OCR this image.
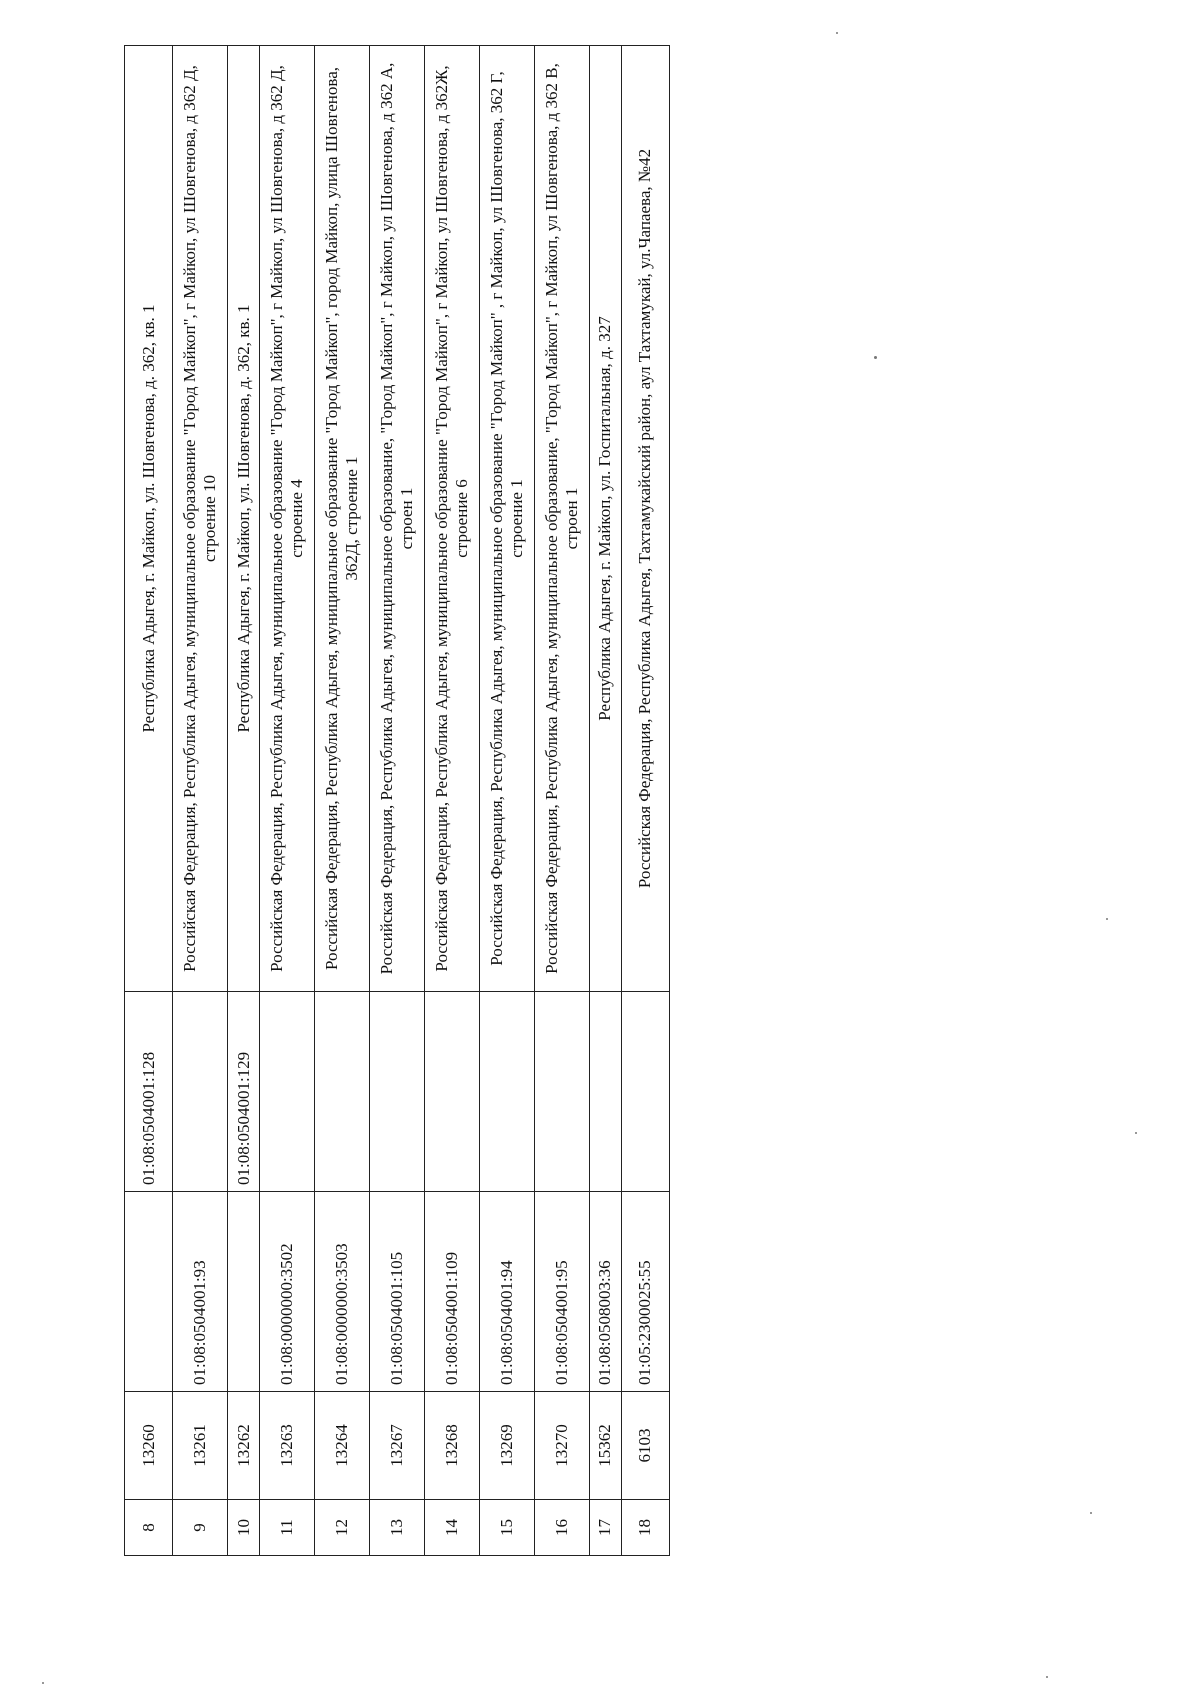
8	13260		01:08:0504001:128	Республика Адыгея, г. Майкоп, ул. Шовгенова, д. 362, кв. 1
9	13261	01:08:0504001:93		Российская Федерация, Республика Адыгея, муниципальное образование "Город Майкоп", г Майкоп, ул Шовгенова, д 362 Д, строение 10
10	13262		01:08:0504001:129	Республика Адыгея, г. Майкоп, ул. Шовгенова, д. 362, кв. 1
11	13263	01:08:0000000:3502		Российская Федерация, Республика Адыгея, муниципальное образование "Город Майкоп", г Майкоп, ул Шовгенова, д 362 Д, строение 4
12	13264	01:08:0000000:3503		Российская Федерация, Республика Адыгея, муниципальное образование "Город Майкоп", город Майкоп, улица Шовгенова, 362Д, строение 1
13	13267	01:08:0504001:105		Российская Федерация, Республика Адыгея, муниципальное образование, "Город Майкоп", г Майкоп, ул Шовгенова, д 362 А, строен 1
14	13268	01:08:0504001:109		Российская Федерация, Республика Адыгея, муниципальное образование "Город Майкоп", г Майкоп, ул Шовгенова, д 362Ж, строение 6
15	13269	01:08:0504001:94		Российская Федерация, Республика Адыгея, муниципальное образование "Город Майкоп" , г Майкоп, ул Шовгенова, 362 Г, строение 1
16	13270	01:08:0504001:95		Российская Федерация, Республика Адыгея, муниципальное образование, "Город Майкоп", г Майкоп, ул Шовгенова, д 362 В, строен 1
17	15362	01:08:0508003:36		Республика Адыгея, г. Майкоп, ул. Госпитальная, д. 327
18	6103	01:05:2300025:55		Российская Федерация, Республика Адыгея, Тахтамукайский район, аул Тахтамукай, ул.Чапаева, №42
